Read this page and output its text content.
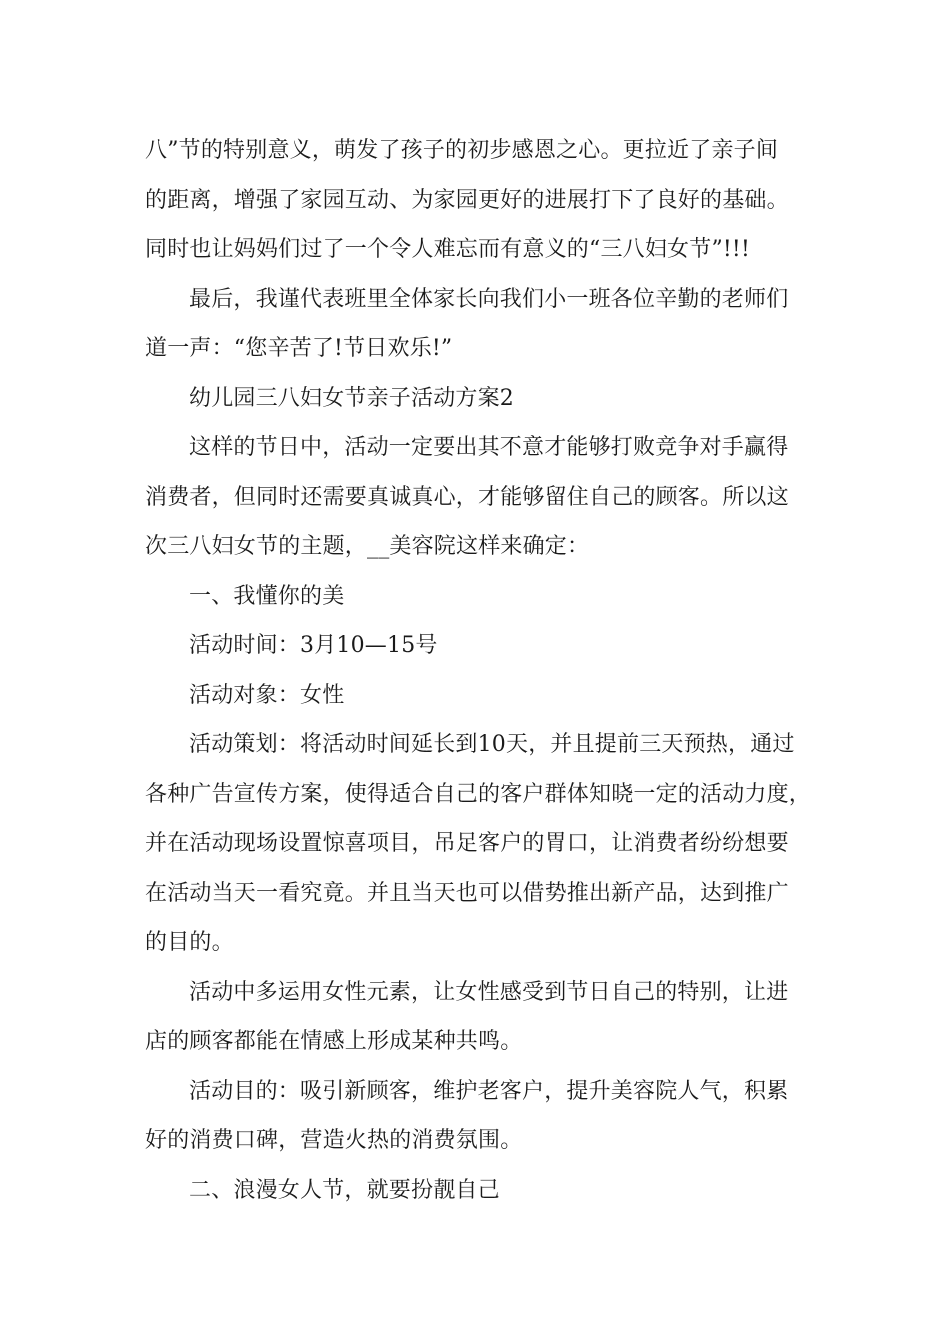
八”节的特别意义，萌发了孩子的初步感恩之心。更拉近了亲子间
的距离，增强了家园互动、为家园更好的进展打下了良好的基础。
同时也让妈妈们过了一个令人难忘而有意义的“三八妇女节”!!!
最后，我谨代表班里全体家长向我们小一班各位辛勤的老师们
道一声：“您辛苦了!节日欢乐!”
幼儿园三八妇女节亲子活动方案2
这样的节日中，活动一定要出其不意才能够打败竞争对手赢得
消费者，但同时还需要真诚真心，才能够留住自己的顾客。所以这
次三八妇女节的主题，__美容院这样来确定：
一、我懂你的美
活动时间：3月10—15号
活动对象：女性
活动策划：将活动时间延长到10天，并且提前三天预热，通过
各种广告宣传方案，使得适合自己的客户群体知晓一定的活动力度，
并在活动现场设置惊喜项目，吊足客户的胃口，让消费者纷纷想要
在活动当天一看究竟。并且当天也可以借势推出新产品，达到推广
的目的。
活动中多运用女性元素，让女性感受到节日自己的特别，让进
店的顾客都能在情感上形成某种共鸣。
活动目的：吸引新顾客，维护老客户，提升美容院人气，积累
好的消费口碑，营造火热的消费氛围。
二、浪漫女人节，就要扮靓自己
